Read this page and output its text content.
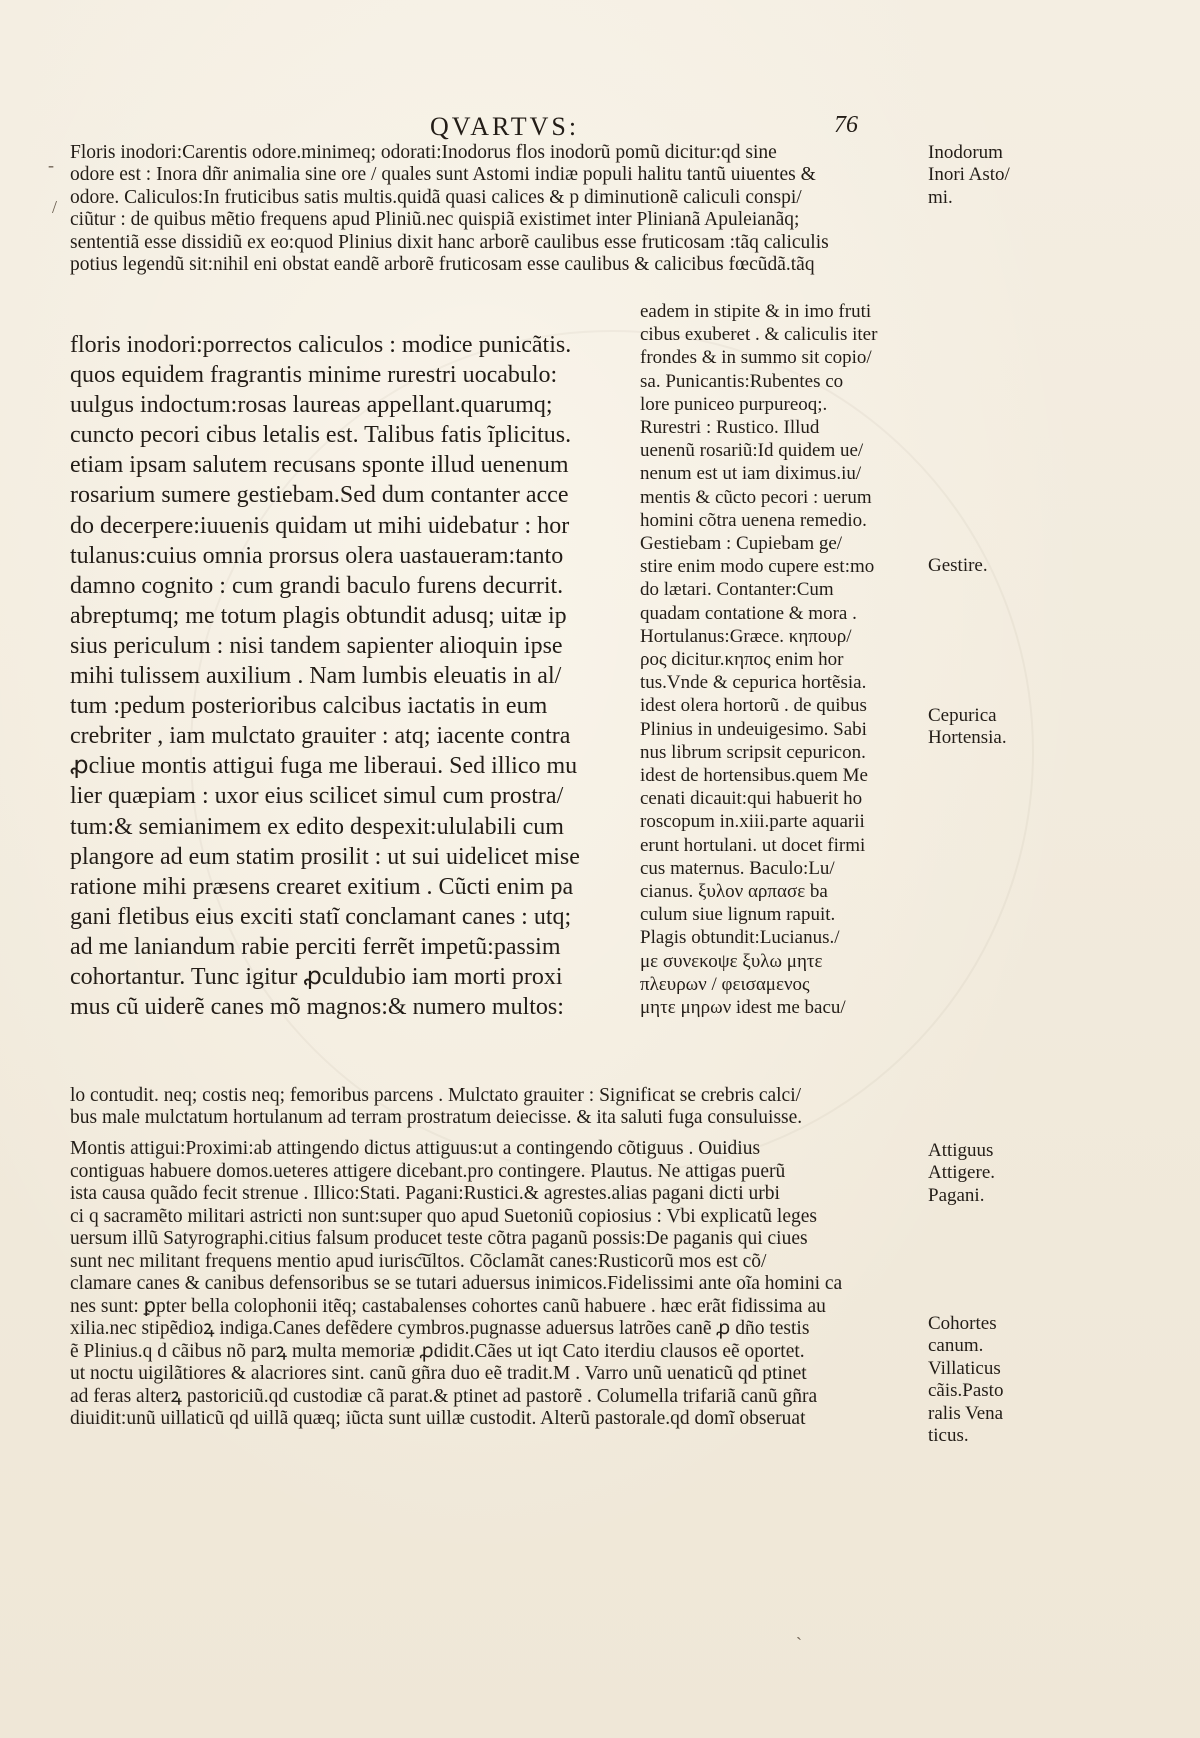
QVARTVS:	76
-
/
ˎ
Floris inodori:Carentis odore.minimeq; odorati:Inodorus flos inodorũ pomũ dicitur:qd sine
odore est : Inora dñr animalia sine ore / quales sunt Astomi indiæ populi halitu tantũ uiuentes &
odore. Caliculos:In fruticibus satis multis.quidã quasi calices & p diminutionẽ caliculi conspi/
ciũtur : de quibus mẽtio frequens apud Pliniũ.nec quispiã existimet inter Plinianã Apuleianãq;
sententiã esse dissidiũ ex eo:quod Plinius dixit hanc arborẽ caulibus esse fruticosam :tãq caliculis
potius legendũ sit:nihil eni obstat eandẽ arborẽ fruticosam esse caulibus & calicibus fœcũdã.tãq
floris inodori:porrectos caliculos : modice punicãtis.
quos equidem fragrantis minime rurestri uocabulo:
uulgus indoctum:rosas laureas appellant.quarumq;
cuncto pecori cibus letalis est. Talibus fatis ĩplicitus.
etiam ipsam salutem recusans sponte illud uenenum
rosarium sumere gestiebam.Sed dum contanter acce
do decerpere:iuuenis quidam ut mihi uidebatur : hor
tulanus:cuius omnia prorsus olera uastaueram:tanto
damno cognito : cum grandi baculo furens decurrit.
abreptumq; me totum plagis obtundit adusq; uitæ ip
sius periculum : nisi tandem sapienter alioquin ipse
mihi tulissem auxilium . Nam lumbis eleuatis in al/
tum :pedum posterioribus calcibus iactatis in eum
crebriter , iam mulctato grauiter : atq; iacente contra
ꝓcliue montis attigui fuga me liberaui. Sed illico mu
lier quæpiam : uxor eius scilicet simul cum prostra/
tum:& semianimem ex edito despexit:ululabili cum
plangore ad eum statim prosilit : ut sui uidelicet mise
ratione mihi præsens crearet exitium . Cũcti enim pa
gani fletibus eius exciti statĩ conclamant canes : utq;
ad me laniandum rabie perciti ferrẽt impetũ:passim
cohortantur. Tunc igitur ꝓculdubio iam morti proxi
mus cũ uiderẽ canes mõ magnos:& numero multos:
eadem in stipite & in imo fruti
cibus exuberet . & caliculis iter
frondes & in summo sit copio/
sa. Punicantis:Rubentes co
lore puniceo purpureoq;.
Rurestri : Rustico. Illud
uenenũ rosariũ:Id quidem ue/
nenum est ut iam diximus.iu/
mentis & cũcto pecori : uerum
homini cõtra uenena remedio.
Gestiebam : Cupiebam ge/
stire enim modo cupere est:mo
do lætari. Contanter:Cum
quadam contatione & mora .
Hortulanus:Græce. κηπουρ/
ρος dicitur.κηπος enim hor
tus.Vnde & cepurica hortẽsia.
idest olera hortorũ . de quibus
Plinius in undeuigesimo. Sabi
nus librum scripsit cepuricon.
idest de hortensibus.quem Me
cenati dicauit:qui habuerit ho
roscopum in.xiii.parte aquarii
erunt hortulani. ut docet firmi
cus maternus. Baculo:Lu/
cianus. ξυλον αρπασε ba
culum siue lignum rapuit.
Plagis obtundit:Lucianus./
με συνεκοψε ξυλω μητε
πλευρων / φεισαμενος
μητε μηρων idest me bacu/
lo contudit. neq; costis neq; femoribus parcens . Mulctato grauiter : Significat se crebris calci/
bus male mulctatum hortulanum ad terram prostratum deiecisse. & ita saluti fuga consuluisse.
Montis attigui:Proximi:ab attingendo dictus attiguus:ut a contingendo cõtiguus . Ouidius
contiguas habuere domos.ueteres attigere dicebant.pro contingere. Plautus. Ne attigas puerũ
ista causa quãdo fecit strenue . Illico:Stati. Pagani:Rustici.& agrestes.alias pagani dicti urbi
ci q sacramẽto militari astricti non sunt:super quo apud Suetoniũ copiosius : Vbi explicatũ leges
uersum illũ Satyrographi.citius falsum producet teste cõtra paganũ possis:De paganis qui ciues
sunt nec militant frequens mentio apud iurisc͠ultos. Cõclamãt canes:Rusticorũ mos est cõ/
clamare canes & canibus defensoribus se se tutari aduersus inimicos.Fidelissimi ante oĩa homini ca
nes sunt: ꝑpter bella colophonii itẽq; castabalenses cohortes canũ habuere . hæc erãt fidissima au
xilia.nec stipẽdioꝝ indiga.Canes defẽdere cymbros.pugnasse aduersus latrões canẽ ꝓ dño testis
ẽ Plinius.q d cãibus nõ parꝝ multa memoriæ ꝓdidit.Cães ut iqt Cato iterdiu clausos eẽ oportet.
ut noctu uigilãtiores & alacriores sint. canũ gñra duo eẽ tradit.M . Varro unũ uenaticũ qd ptinet
ad feras alterꝝ pastoriciũ.qd custodiæ cã parat.& ptinet ad pastorẽ . Columella trifariã canũ gñra
diuidit:unũ uillaticũ qd uillã quæq; iũcta sunt uillæ custodit. Alterũ pastorale.qd domĩ obseruat
Inodorum
Inori Asto/
mi.
Gestire.
Cepurica
Hortensia.
Attiguus
Attigere.
Pagani.
Cohortes
canum.
Villaticus
cãis.Pasto
ralis Vena
ticus.
